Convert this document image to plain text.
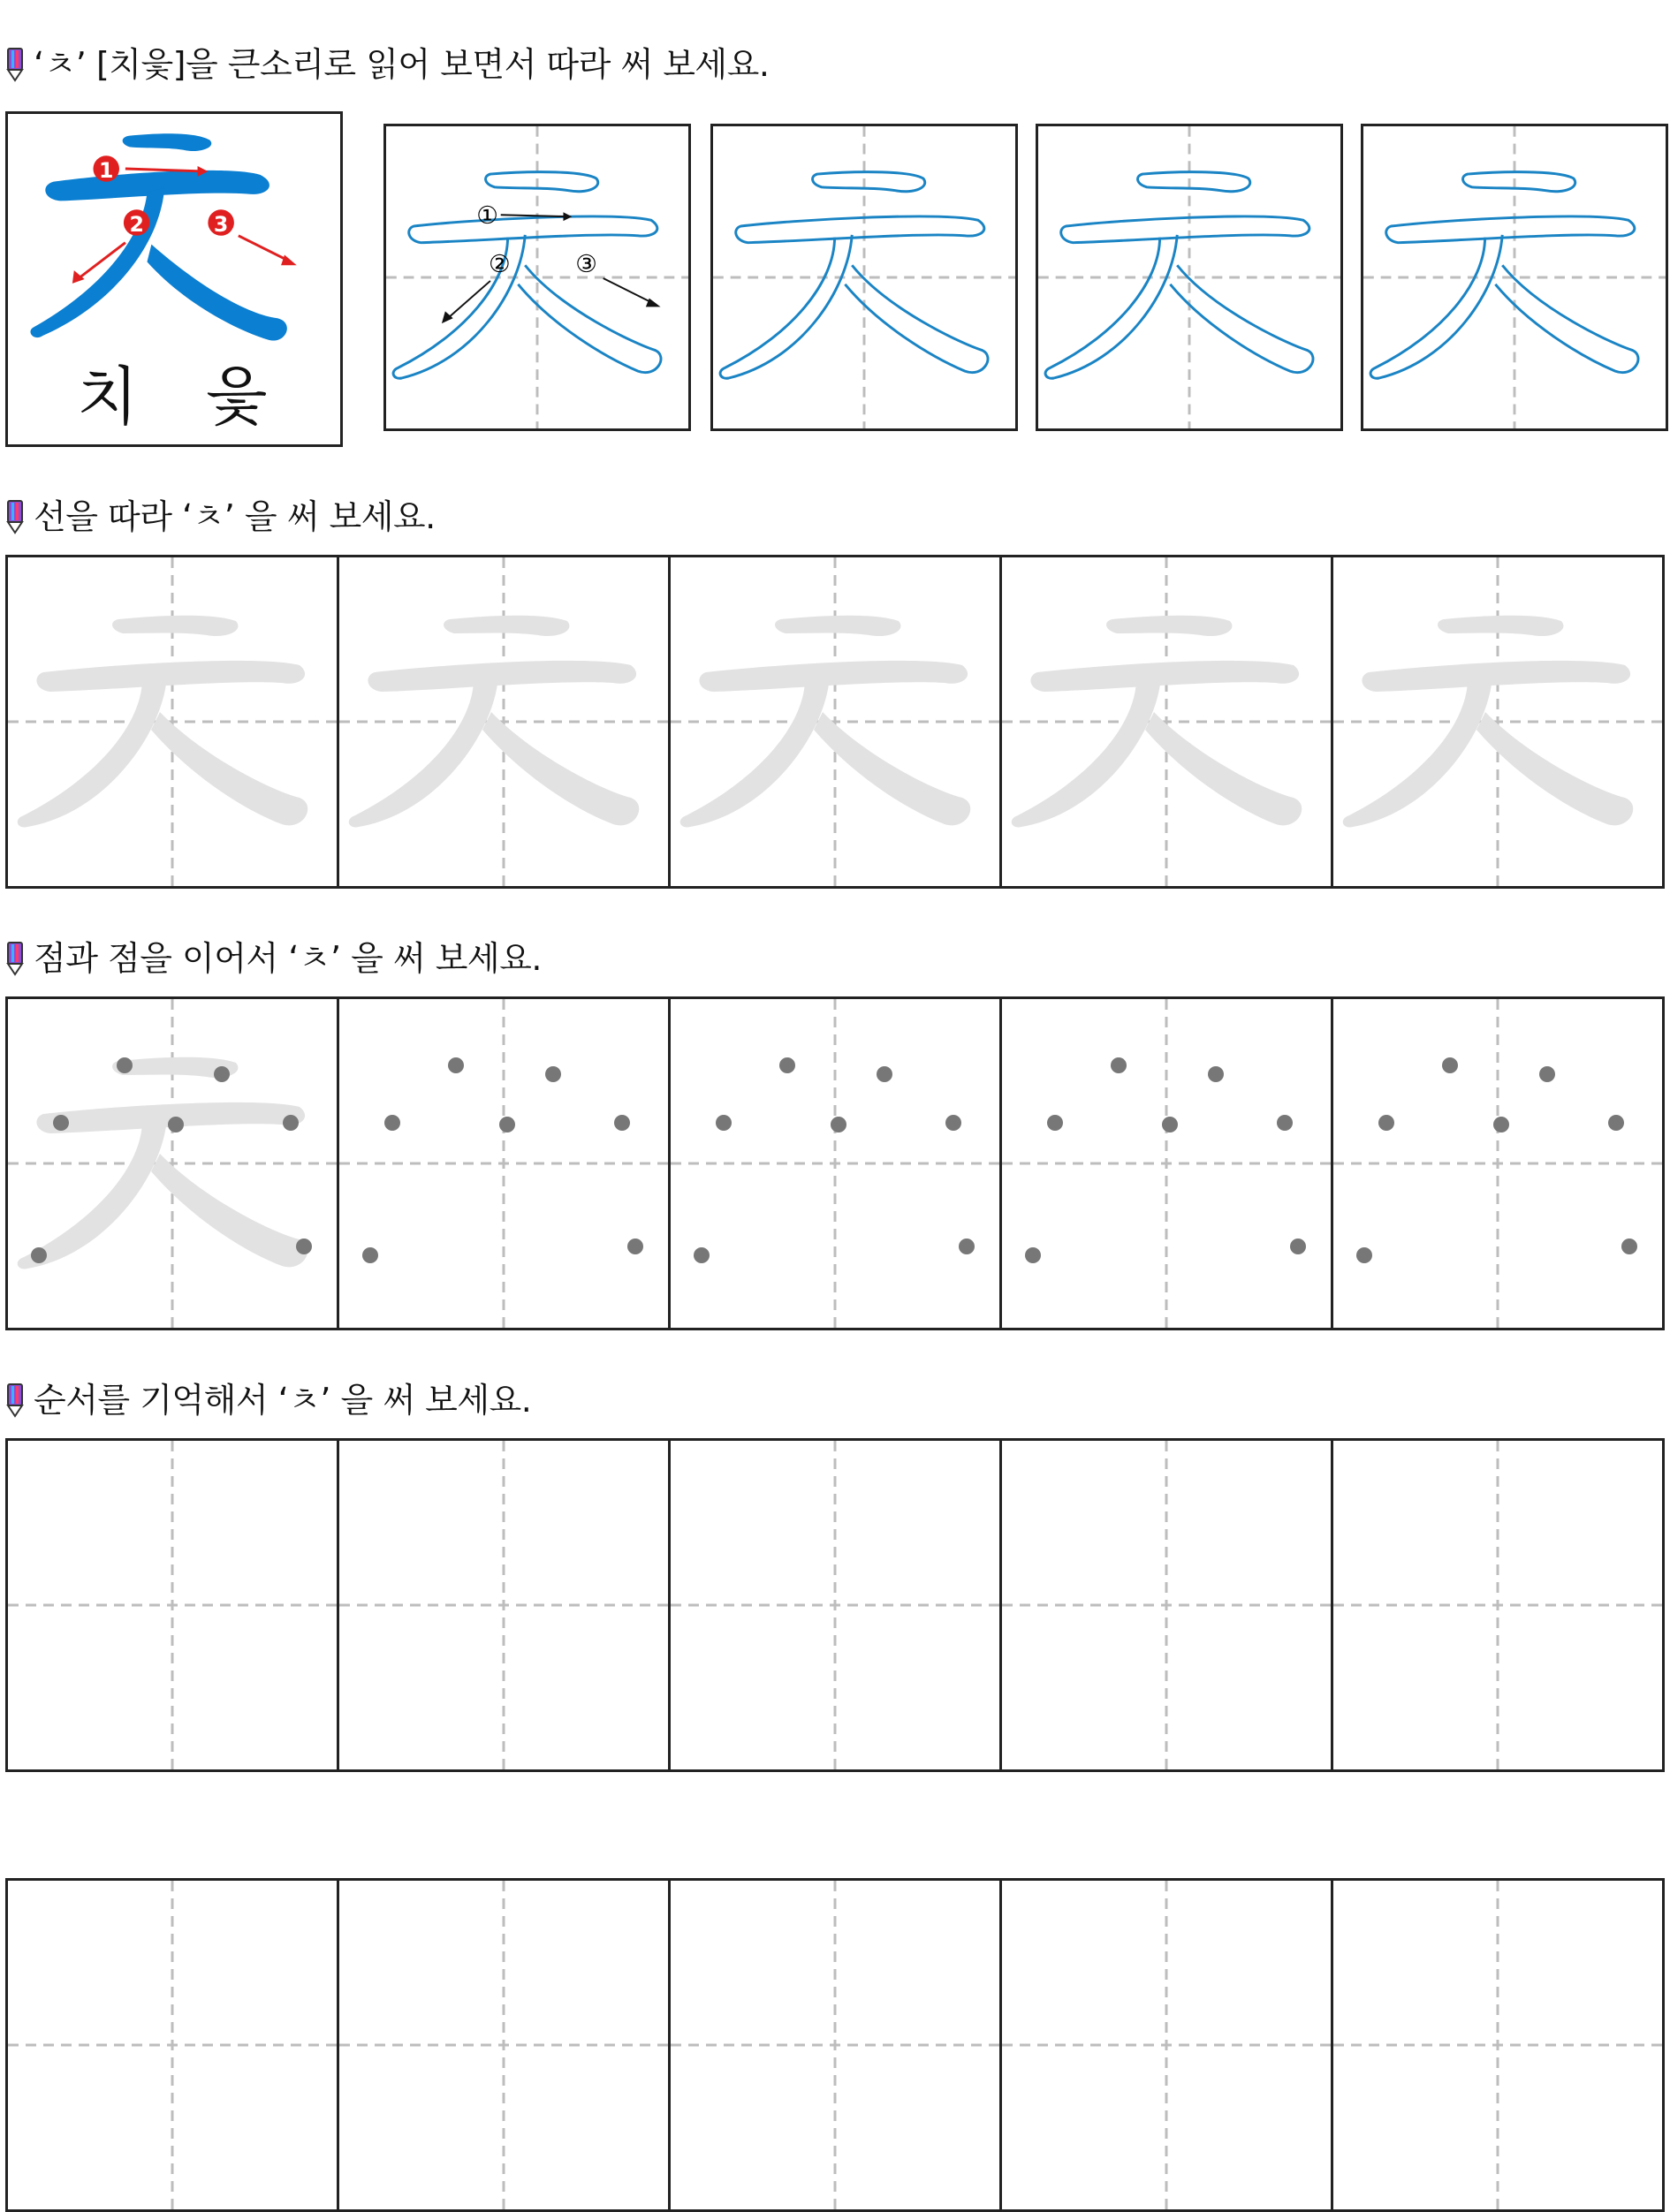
‘ㅊ’ [치읓]을 큰소리로 읽어 보면서 따라 써 보세요.
1
2	3
치 읓
①
②	③
선을 따라 ‘ㅊ’ 을 써 보세요.
점과 점을 이어서 ‘ㅊ’ 을 써 보세요.
순서를 기억해서 ‘ㅊ’ 을 써 보세요.
